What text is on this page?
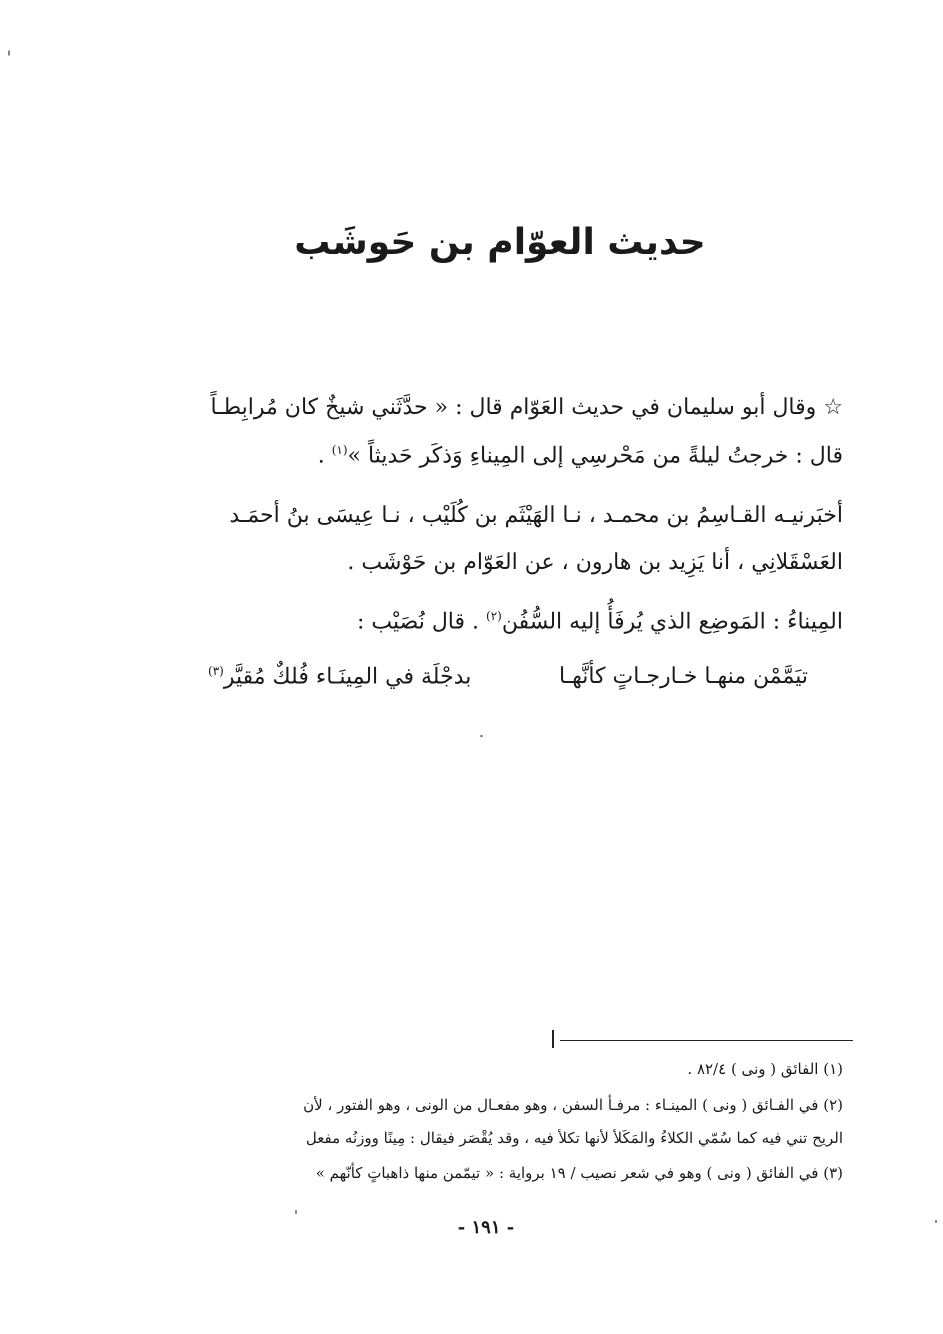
حديث العوّام بن حَوشَب
☆ وقال أبو سليمان في حديث العَوّام قال : « حدَّثَني شيخٌ كان مُرابِطـاً
قال : خرجتُ ليلةً من مَحْرسِي إلى المِيناءِ وَذكَر حَديثاً »$^{(١)}$ .
أخبَرنيـه القـاسِمُ بن محمـد ، نـا الهَيْثَم بن كُلَيْب ، نـا عِيسَى بنُ أحمَـد
العَسْقَلانِي ، أنا يَزِيد بن هارون ، عن العَوّام بن حَوْشَب .
المِيناءُ : المَوضِع الذي يُرفَأُ إليه السُّفُن$^{(٢)}$ . قال نُصَيْب :
تيَمَّمْن منهـا خـارجـاتٍ كأنَّهـا
بدجْلَة في المِينَـاء فُلكٌ مُقيَّر$^{(٣)}$
(١) الفائق ( ونى ) ٨٢/٤ .
(٢) في الفـائق ( ونى ) المينـاء : مرفـأ السفن ، وهو مفعـال من الونى ، وهو الفتور ، لأن
الريح تني فيه كما سُمّي الكلاءُ والمَكَلأ لأنها تكلأ فيه ، وقد يُقْصَر فيقال : مِينًا ووزنُه مفعل
(٣) في الفائق ( ونى ) وهو في شعر نصيب / ١٩ برواية : « تيمّمن منها ذاهباتٍ كأنّهم »
- ١٩١ -
